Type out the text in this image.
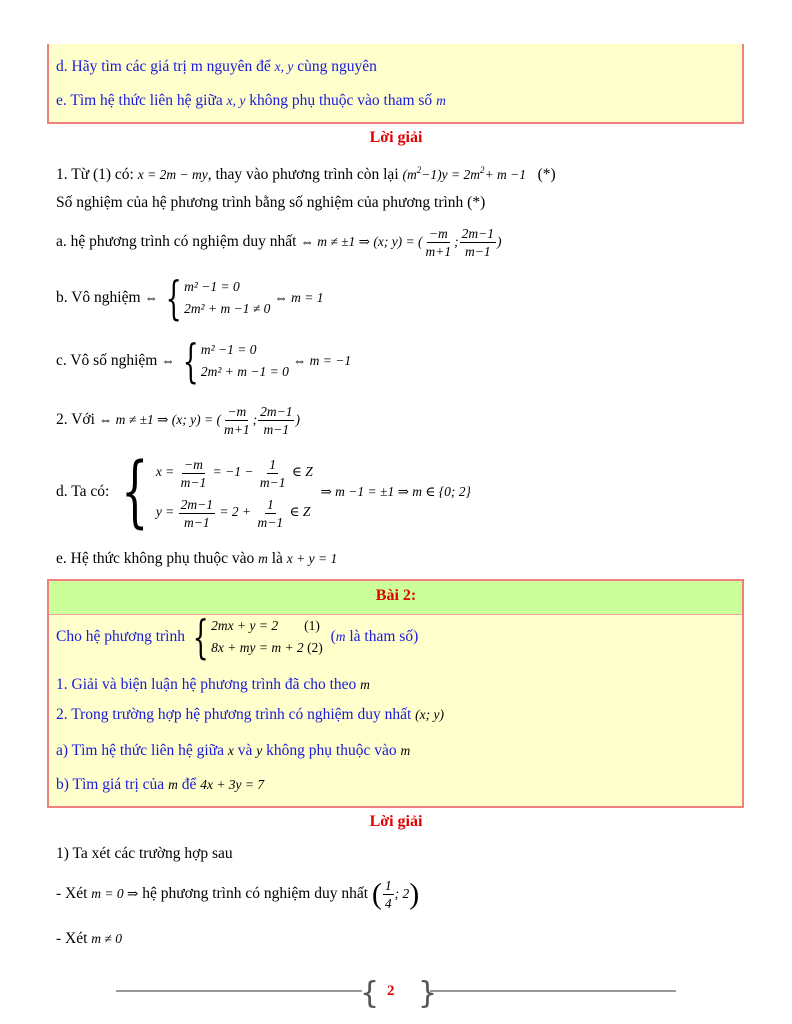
d. Hãy tìm các giá trị m nguyên để x, y cùng nguyên
e. Tìm hệ thức liên hệ giữa x, y không phụ thuộc vào tham số m
Lời giải
1. Từ (1) có: x = 2m − my, thay vào phương trình còn lại $(m^2-1)y = 2m^2+ m -1$ (*)
Số nghiệm của hệ phương trình bằng số nghiệm của phương trình (*)
a. hệ phương trình có nghiệm duy nhất ⇔ m ≠ ±1 ⇒ (x; y) = ( $\frac{-m}{m+1}$ ; $\frac{2m-1}{m-1}$ )
b. Vô nghiệm ⇔ { m² −1 = 0
2m² + m −1 ≠ 0
⇔ m = 1
c. Vô số nghiệm ⇔ { m² −1 = 0
2m² + m −1 = 0
⇔ m = −1
2. Với ⇔ m ≠ ±1 ⇒ (x; y) = ( $\frac{-m}{m+1}$ ; $\frac{2m-1}{m-1}$ )
d. Ta có: { $x = \frac{-m}{m-1} = -1 - \frac{1}{m-1}$ ∈ Z
$y = \frac{2m-1}{m-1} = 2 + \frac{1}{m-1}$ ∈ Z
⇒ m −1 = ±1 ⇒ m ∈ {0; 2}
e. Hệ thức không phụ thuộc vào m là x + y = 1
Bài 2:
Cho hệ phương trình { 2mx + y = 2 (1)
8x + my = m + 2 (2)
(m là tham số)
1. Giải và biện luận hệ phương trình đã cho theo m
2. Trong trường hợp hệ phương trình có nghiệm duy nhất (x; y)
a) Tìm hệ thức liên hệ giữa x và y không phụ thuộc vào m
b) Tìm giá trị của m để 4x + 3y = 7
Lời giải
1) Ta xét các trường hợp sau
- Xét m = 0 ⇒ hệ phương trình có nghiệm duy nhất ( $\frac{1}{4}$ ; 2)
- Xét m ≠ 0
{ }
2
